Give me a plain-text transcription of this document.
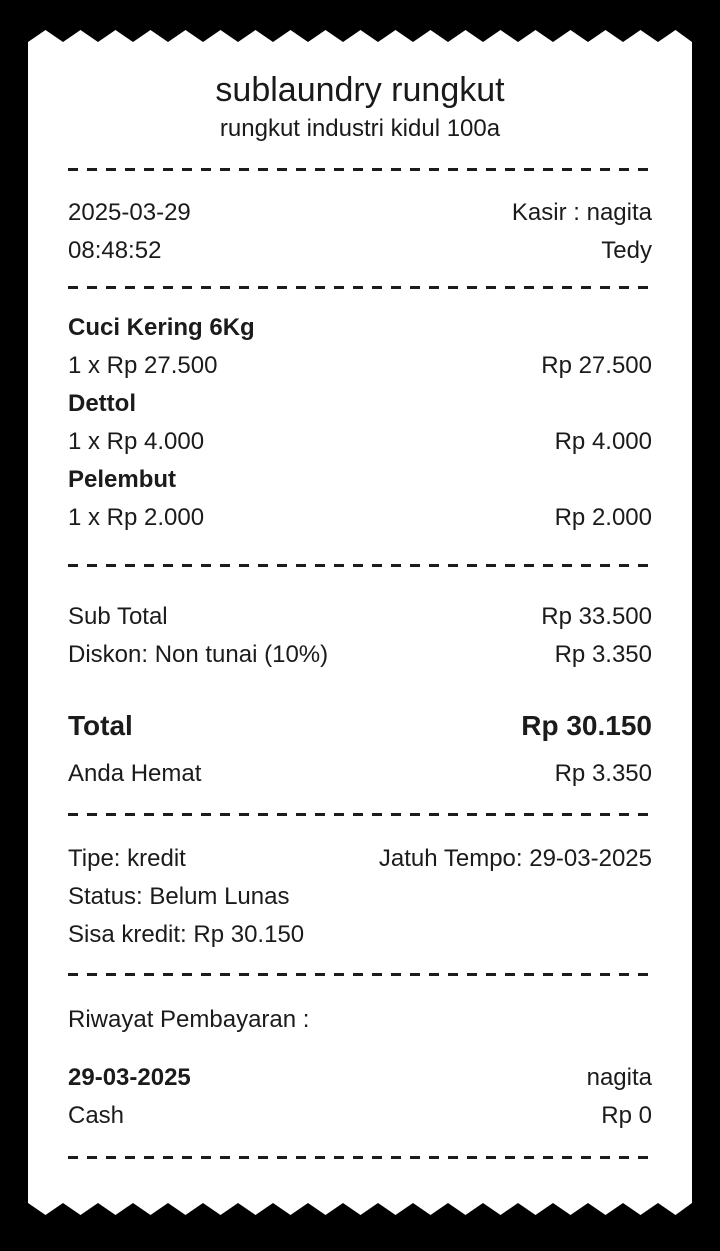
sublaundry rungkut
rungkut industri kidul 100a
2025-03-29	Kasir : nagita
08:48:52	Tedy
Cuci Kering 6Kg
1 x Rp 27.500	Rp 27.500
Dettol
1 x Rp 4.000	Rp 4.000
Pelembut
1 x Rp 2.000	Rp 2.000
Sub Total	Rp 33.500
Diskon: Non tunai (10%)	Rp 3.350
Total	Rp 30.150
Anda Hemat	Rp 3.350
Tipe: kredit	Jatuh Tempo: 29-03-2025
Status: Belum Lunas
Sisa kredit: Rp 30.150
Riwayat Pembayaran :
29-03-2025	nagita
Cash	Rp 0
